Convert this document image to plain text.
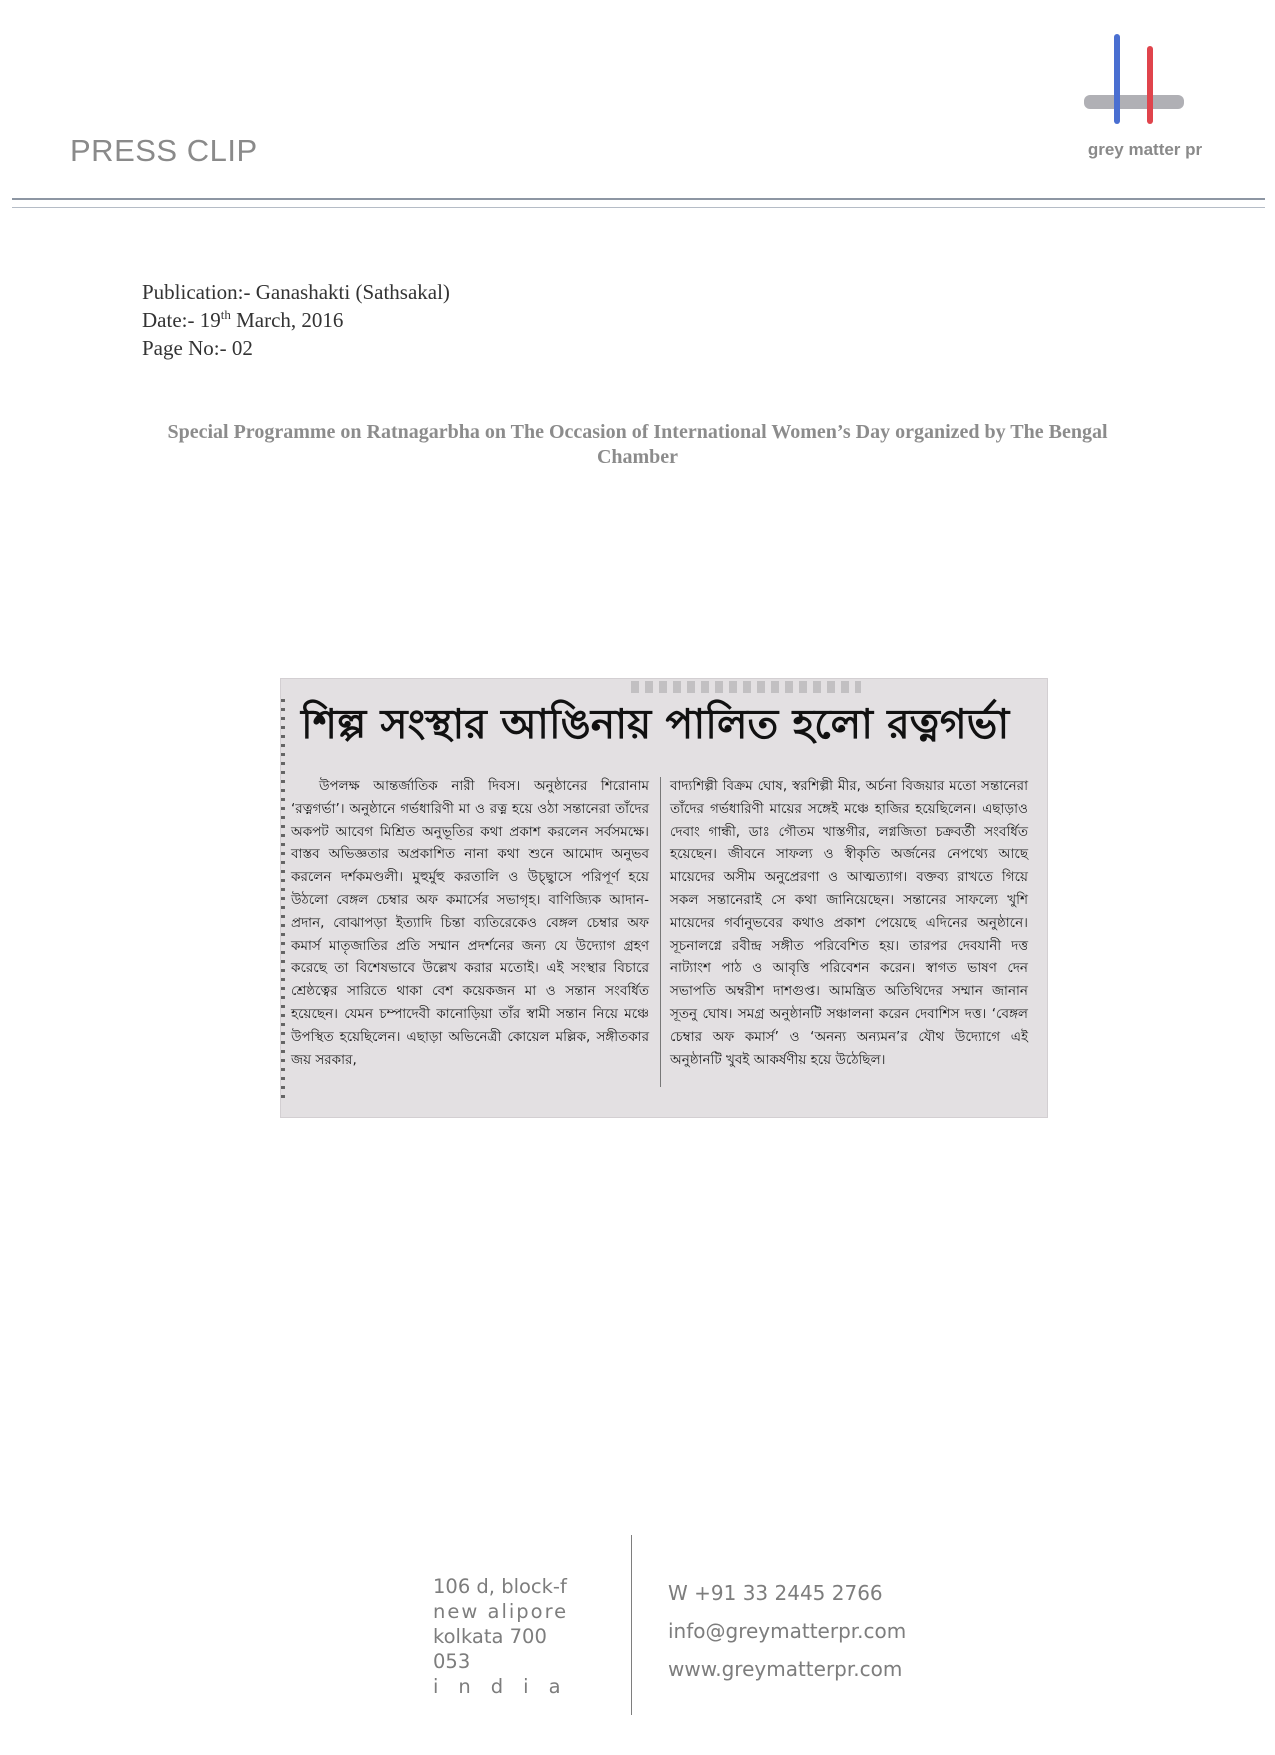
PRESS CLIP	grey matter pr
Publication:- Ganashakti (Sathsakal)
Date:- 19th March, 2016
Page No:- 02
Special Programme on Ratnagarbha on The Occasion of International Women’s Day organized by The Bengal Chamber
শিল্প সংস্থার আঙিনায় পালিত হলো রত্নগর্ভা
উপলক্ষ আন্তর্জাতিক নারী দিবস। অনুষ্ঠানের শিরোনাম ‘রত্নগর্ভা’। অনুষ্ঠানে গর্ভধারিণী মা ও রত্ন হয়ে ওঠা সন্তানেরা তাঁদের অকপট আবেগ মিশ্রিত অনুভূতির কথা প্রকাশ করলেন সর্বসমক্ষে। বাস্তব অভিজ্ঞতার অপ্রকাশিত নানা কথা শুনে আমোদ অনুভব করলেন দর্শকমণ্ডলী। মুহুর্মুহু করতালি ও উচ্ছ্বাসে পরিপূর্ণ হয়ে উঠলো বেঙ্গল চেম্বার অফ কমার্সের সভাগৃহ। বাণিজ্যিক আদান-প্রদান, বোঝাপড়া ইত্যাদি চিন্তা ব্যতিরেকেও বেঙ্গল চেম্বার অফ কমার্স মাতৃজাতির প্রতি সম্মান প্রদর্শনের জন্য যে উদ্যোগ গ্রহণ করেছে তা বিশেষভাবে উল্লেখ করার মতোই। এই সংস্থার বিচারে শ্রেষ্ঠত্বের সারিতে থাকা বেশ কয়েকজন মা ও সন্তান সংবর্ধিত হয়েছেন। যেমন চম্পাদেবী কানোড়িয়া তাঁর স্বামী সন্তান নিয়ে মঞ্চে উপস্থিত হয়েছিলেন। এছাড়া অভিনেত্রী কোয়েল মল্লিক, সঙ্গীতকার জয় সরকার,
বাদ্যশিল্পী বিক্রম ঘোষ, স্বরশিল্পী মীর, অর্চনা বিজয়ার মতো সন্তানেরা তাঁদের গর্ভধারিণী মায়ের সঙ্গেই মঞ্চে হাজির হয়েছিলেন। এছাড়াও দেবাং গান্ধী, ডাঃ গৌতম খাস্তগীর, লগ্নজিতা চক্রবর্তী সংবর্ধিত হয়েছেন। জীবনে সাফল্য ও স্বীকৃতি অর্জনের নেপথ্যে আছে মায়েদের অসীম অনুপ্রেরণা ও আত্মত্যাগ। বক্তব্য রাখতে গিয়ে সকল সন্তানেরাই সে কথা জানিয়েছেন। সন্তানের সাফল্যে খুশি মায়েদের গর্বানুভবের কথাও প্রকাশ পেয়েছে এদিনের অনুষ্ঠানে। সূচনালগ্নে রবীন্দ্র সঙ্গীত পরিবেশিত হয়। তারপর দেবযানী দত্ত নাট্যাংশ পাঠ ও আবৃত্তি পরিবেশন করেন। স্বাগত ভাষণ দেন সভাপতি অম্বরীশ দাশগুপ্ত। আমন্ত্রিত অতিথিদের সম্মান জানান সূতনু ঘোষ। সমগ্র অনুষ্ঠানটি সঞ্চালনা করেন দেবাশিস দত্ত। ‘বেঙ্গল চেম্বার অফ কমার্স’ ও ‘অনন্য অন্যমন’র যৌথ উদ্যোগে এই অনুষ্ঠানটি খুবই আকর্ষণীয় হয়ে উঠেছিল।
106 d, block-f
new alipore
kolkata 700 053
india
W +91 33 2445 2766
info@greymatterpr.com
www.greymatterpr.com
